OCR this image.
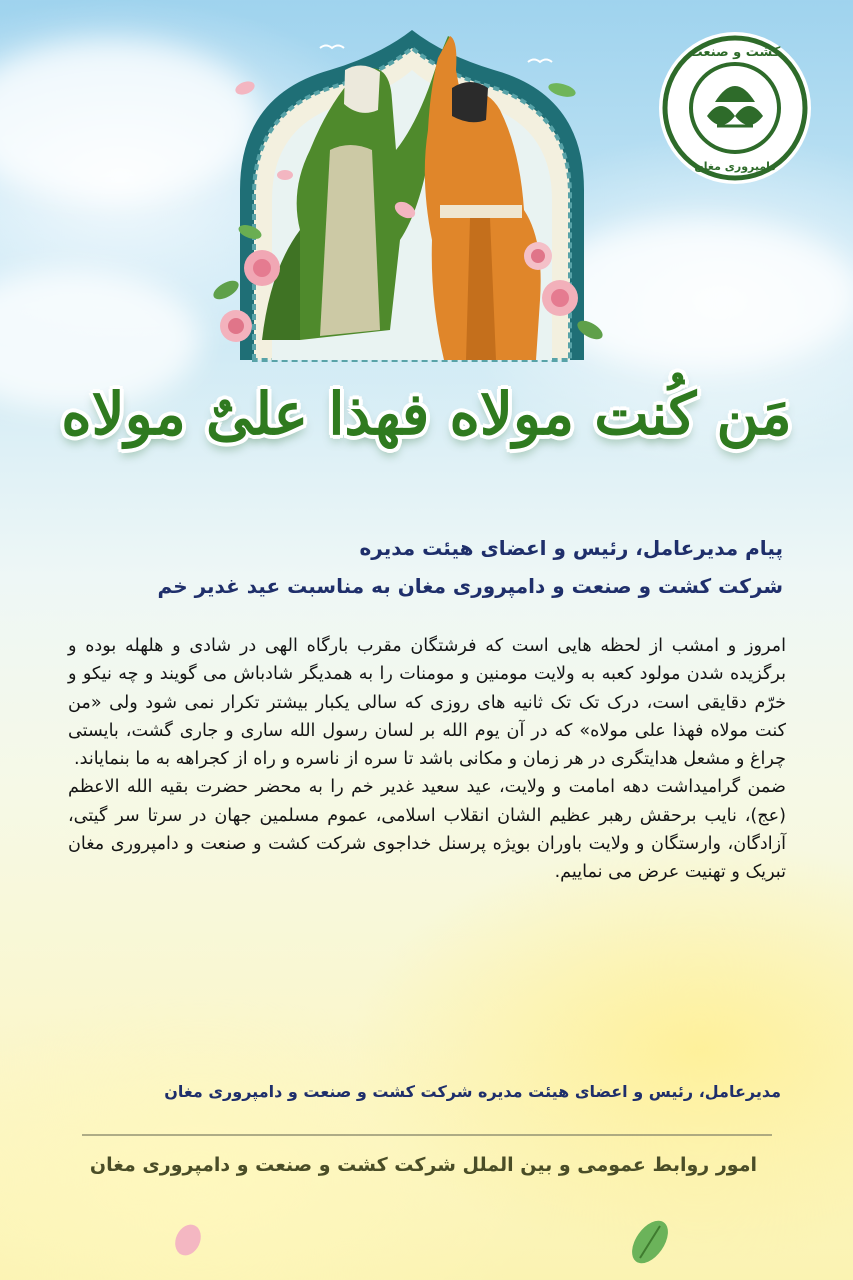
کشت و صنعت
دامپروری مغان
مَن کُنت مولاه فهذا علیٌ مولاه
پیام مدیرعامل، رئیس و اعضای هیئت مدیره
شرکت کشت و صنعت و دامپروری مغان به مناسبت عید غدیر خم

امروز و امشب از لحظه هایی است که فرشتگان مقرب بارگاه الهی در شادی و هلهله بوده و برگزیده شدن مولود کعبه به ولایت مومنین و مومنات را به همدیگر شادباش می گویند و چه نیکو و خرّم دقایقی است، درک تک تک ثانیه های روزی که سالی یکبار بیشتر تکرار نمی شود ولی «من کنت مولاه فهذا علی مولاه» که در آن یوم الله بر لسان رسول الله ساری و جاری گشت، بایستی چراغ و مشعل هدایتگری در هر زمان و مکانی باشد تا سره از ناسره و راه از کجراهه به ما بنمایاند.

ضمن گرامیداشت دهه امامت و ولایت، عید سعید غدیر خم را به محضر حضرت بقیه الله الاعظم (عج)، نایب برحقش رهبر عظیم الشان انقلاب اسلامی، عموم مسلمین جهان در سرتا سر گیتی، آزادگان، وارستگان و ولایت باوران بویژه پرسنل خداجوی شرکت کشت و صنعت و دامپروری مغان تبریک و تهنیت عرض می نماییم.

مدیرعامل، رئیس و اعضای هیئت مدیره شرکت کشت و صنعت و دامپروری مغان
امور روابط عمومی و بین الملل شرکت کشت و صنعت و دامپروری مغان
